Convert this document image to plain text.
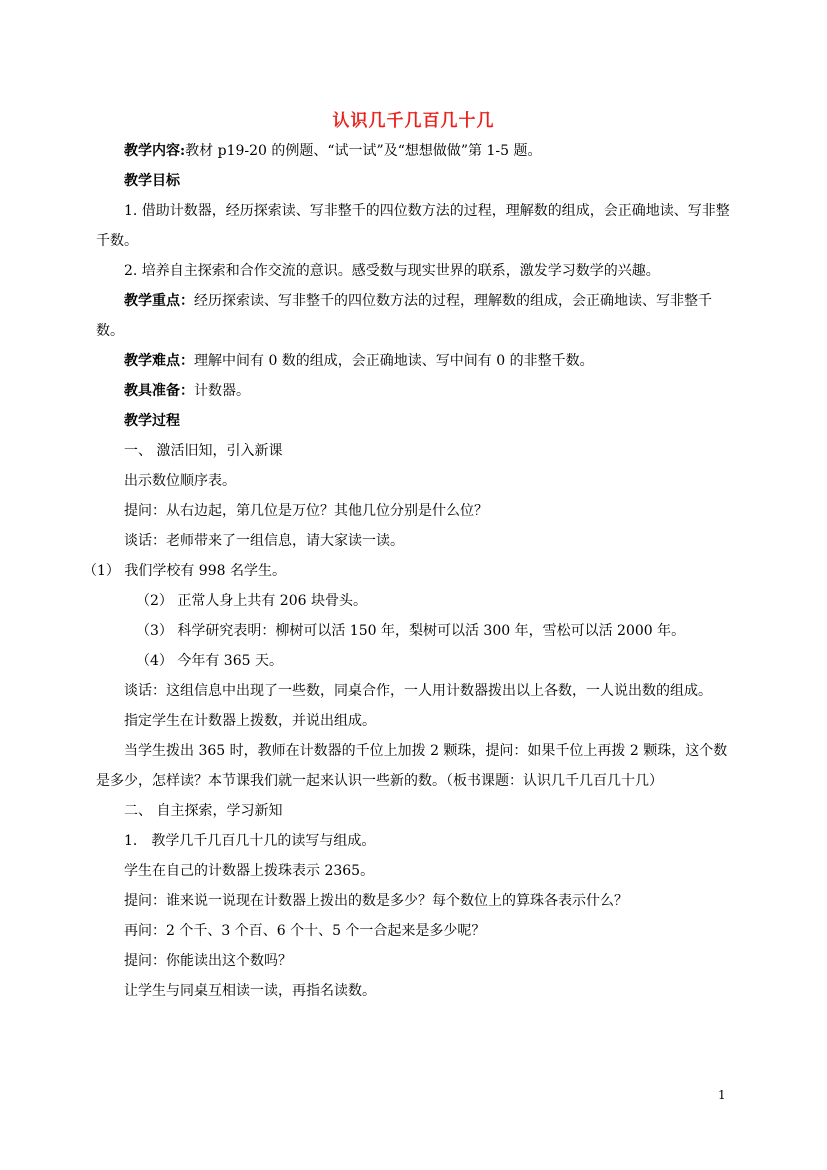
认识几千几百几十几

教学内容:教材 p19-20 的例题、“试一试”及“想想做做”第 1-5 题。

教学目标

1. 借助计数器，经历探索读、写非整千的四位数方法的过程，理解数的组成，会正确地读、写非整千数。

2. 培养自主探索和合作交流的意识。感受数与现实世界的联系，激发学习数学的兴趣。

教学重点：经历探索读、写非整千的四位数方法的过程，理解数的组成，会正确地读、写非整千数。

教学难点：理解中间有 0 数的组成，会正确地读、写中间有 0 的非整千数。

教具准备：计数器。

教学过程

一、 激活旧知，引入新课

出示数位顺序表。

提问：从右边起，第几位是万位？其他几位分别是什么位？

谈话：老师带来了一组信息，请大家读一读。

（1） 我们学校有 998 名学生。

（2） 正常人身上共有 206 块骨头。

（3） 科学研究表明：柳树可以活 150 年，梨树可以活 300 年，雪松可以活 2000 年。

（4） 今年有 365 天。

谈话：这组信息中出现了一些数，同桌合作，一人用计数器拨出以上各数，一人说出数的组成。

指定学生在计数器上拨数，并说出组成。

当学生拨出 365 时，教师在计数器的千位上加拨 2 颗珠，提问：如果千位上再拨 2 颗珠，这个数是多少，怎样读？本节课我们就一起来认识一些新的数。（板书课题：认识几千几百几十几）

二、 自主探索，学习新知

1． 教学几千几百几十几的读写与组成。

学生在自己的计数器上拨珠表示 2365。

提问：谁来说一说现在计数器上拨出的数是多少？每个数位上的算珠各表示什么？

再问：2 个千、3 个百、6 个十、5 个一合起来是多少呢？

提问：你能读出这个数吗？

让学生与同桌互相读一读，再指名读数。

1
